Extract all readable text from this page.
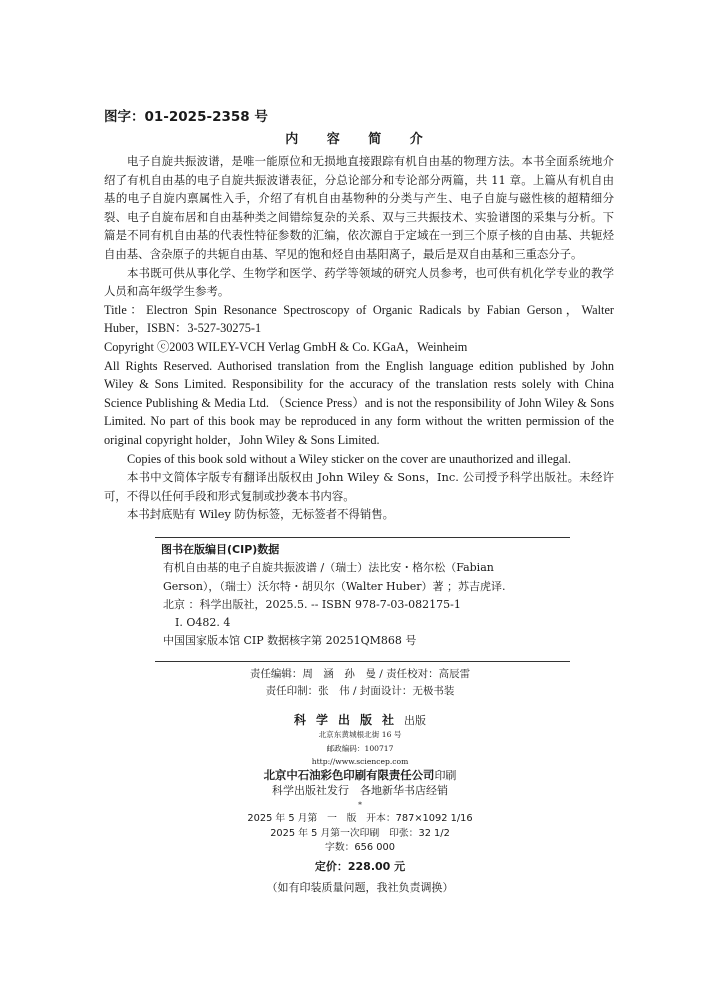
图字：01-2025-2358 号
内 容 简 介

电子自旋共振波谱，是唯一能原位和无损地直接跟踪有机自由基的物理方法。本书全面系统地介绍了有机自由基的电子自旋共振波谱表征，分总论部分和专论部分两篇，共 11 章。上篇从有机自由基的电子自旋内禀属性入手，介绍了有机自由基物种的分类与产生、电子自旋与磁性核的超精细分裂、电子自旋布居和自由基种类之间错综复杂的关系、双与三共振技术、实验谱图的采集与分析。下篇是不同有机自由基的代表性特征参数的汇编，依次源自于定域在一到三个原子核的自由基、共轭烃自由基、含杂原子的共轭自由基、罕见的饱和烃自由基阳离子，最后是双自由基和三重态分子。

本书既可供从事化学、生物学和医学、药学等领域的研究人员参考，也可供有机化学专业的教学人员和高年级学生参考。

Title：Electron Spin Resonance Spectroscopy of Organic Radicals by Fabian Gerson，Walter Huber，ISBN：3-527-30275-1

Copyright ⓒ2003 WILEY-VCH Verlag GmbH & Co. KGaA，Weinheim

All Rights Reserved. Authorised translation from the English language edition published by John Wiley & Sons Limited. Responsibility for the accuracy of the translation rests solely with China Science Publishing & Media Ltd. （Science Press）and is not the responsibility of John Wiley & Sons Limited. No part of this book may be reproduced in any form without the written permission of the original copyright holder，John Wiley & Sons Limited.

Copies of this book sold without a Wiley sticker on the cover are unauthorized and illegal.

本书中文简体字版专有翻译出版权由 John Wiley & Sons，Inc. 公司授予科学出版社。未经许可，不得以任何手段和形式复制或抄袭本书内容。

本书封底贴有 Wiley 防伪标签，无标签者不得销售。

图书在版编目(CIP)数据
有机自由基的电子自旋共振波谱 /（瑞士）法比安・格尔松（Fabian
Gerson），（瑞士）沃尔特・胡贝尔（Walter Huber）著 ；苏吉虎译.
北京 ：科学出版社，2025.5. -- ISBN 978-7-03-082175-1
Ⅰ. O482. 4
中国国家版本馆 CIP 数据核字第 20251QM868 号
责任编辑：周　涵　孙　曼 / 责任校对：高辰雷
责任印制：张　伟 / 封面设计：无极书装
科学出版社出版
北京东黄城根北街 16 号
邮政编码：100717
http://www.sciencep.com
北京中石油彩色印刷有限责任公司印刷
科学出版社发行　各地新华书店经销
*
2025 年 5 月第　一　版　开本：787×1092 1/16
2025 年 5 月第一次印刷　印张：32 1/2
字数：656 000
定价：228.00 元
（如有印装质量问题，我社负责调换）
